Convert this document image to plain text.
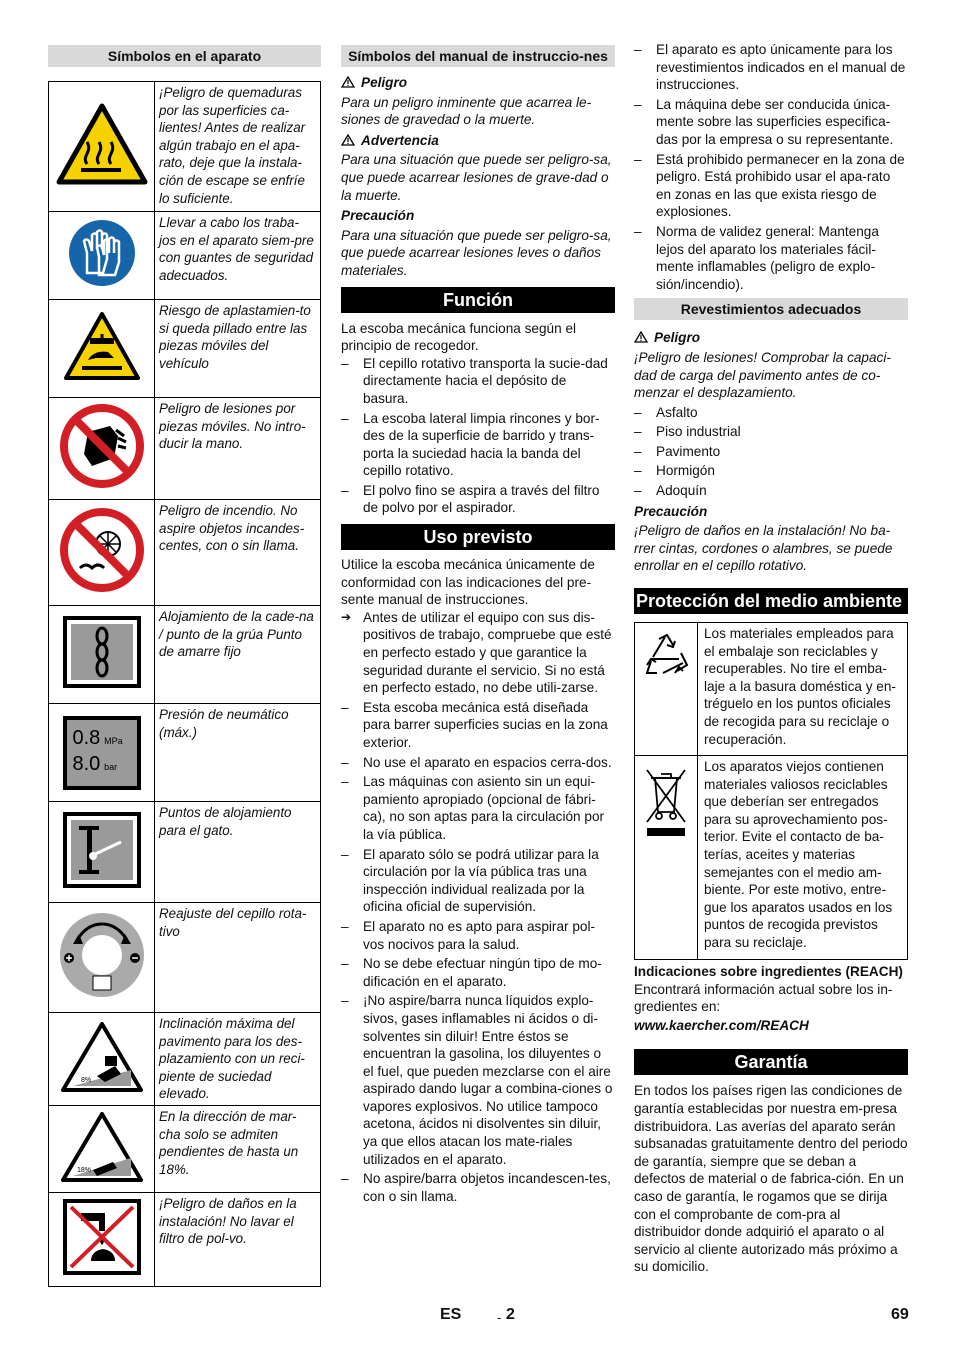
Símbolos en el aparato
	¡Peligro de quemaduras por las superficies ca-lientes! Antes de realizar algún trabajo en el apa-rato, deje que la instala-ción de escape se enfríe lo suficiente.
	Llevar a cabo los traba-jos en el aparato siem-pre con guantes de seguridad adecuados.
	Riesgo de aplastamien-to si queda pillado entre las piezas móviles del vehículo
	Peligro de lesiones por piezas móviles. No intro-ducir la mano.
	Peligro de incendio. No aspire objetos incandes-centes, con o sin llama.
	Alojamiento de la cade-na / punto de la grúa Punto de amarre fijo

0.8 MPa
8.0 bar	Presión de neumático (máx.)
	Puntos de alojamiento para el gato.
	Reajuste del cepillo rota-tivo

8%	Inclinación máxima del pavimento para los des-plazamiento con un reci-piente de suciedad elevado.

18%	En la dirección de mar-cha solo se admiten pendientes de hasta un 18%.
	¡Peligro de daños en la instalación! No lavar el filtro de pol-vo.
Símbolos del manual de instruccio-nes

Peligro

Para un peligro inminente que acarrea le-siones de gravedad o la muerte.

Advertencia

Para una situación que puede ser peligro-sa, que puede acarrear lesiones de grave-dad o la muerte.

Precaución

Para una situación que puede ser peligro-sa, que puede acarrear lesiones leves o daños materiales.

Función

La escoba mecánica funciona según el principio de recogedor.

– El cepillo rotativo transporta la sucie-dad directamente hacia el depósito de basura.
– La escoba lateral limpia rincones y bor-des de la superficie de barrido y trans-porta la suciedad hacia la banda del cepillo rotativo.
– El polvo fino se aspira a través del filtro de polvo por el aspirador.
Uso previsto

Utilice la escoba mecánica únicamente de conformidad con las indicaciones del pre-sente manual de instrucciones.

➔ Antes de utilizar el equipo con sus dis-positivos de trabajo, compruebe que esté en perfecto estado y que garantice la seguridad durante el servicio. Si no está en perfecto estado, no debe utili-zarse.

– Esta escoba mecánica está diseñada para barrer superficies sucias en la zona exterior.
– No use el aparato en espacios cerra-dos.
– Las máquinas con asiento sin un equi-pamiento apropiado (opcional de fábri-ca), no son aptas para la circulación por la vía pública.
– El aparato sólo se podrá utilizar para la circulación por la vía pública tras una inspección individual realizada por la oficina oficial de supervisión.
– El aparato no es apto para aspirar pol-vos nocivos para la salud.
– No se debe efectuar ningún tipo de mo-dificación en el aparato.
– ¡No aspire/barra nunca líquidos explo-sivos, gases inflamables ni ácidos o di-solventes sin diluir! Entre éstos se encuentran la gasolina, los diluyentes o el fuel, que pueden mezclarse con el aire aspirado dando lugar a combina-ciones o vapores explosivos. No utilice tampoco acetona, ácidos ni disolventes sin diluir, ya que ellos atacan los mate-riales utilizados en el aparato.
– No aspire/barra objetos incandescen-tes, con o sin llama.
– El aparato es apto únicamente para los revestimientos indicados en el manual de instrucciones.
– La máquina debe ser conducida única-mente sobre las superficies especifica-das por la empresa o su representante.
– Está prohibido permanecer en la zona de peligro. Está prohibido usar el apa-rato en zonas en las que exista riesgo de explosiones.
– Norma de validez general: Mantenga lejos del aparato los materiales fácil-mente inflamables (peligro de explo-sión/incendio).
Revestimientos adecuados

Peligro

¡Peligro de lesiones! Comprobar la capaci-dad de carga del pavimento antes de co-menzar el desplazamiento.

– Asfalto
– Piso industrial
– Pavimento
– Hormigón
– Adoquín

Precaución

¡Peligro de daños en la instalación! No ba-rrer cintas, cordones o alambres, se puede enrollar en el cepillo rotativo.

Protección del medio ambiente
	Los materiales empleados para el embalaje son reciclables y recuperables. No tire el emba-laje a la basura doméstica y en-tréguelo en los puntos oficiales de recogida para su reciclaje o recuperación.
	Los aparatos viejos contienen materiales valiosos reciclables que deberían ser entregados para su aprovechamiento pos-terior. Evite el contacto de ba-terías, aceites y materias semejantes con el medio am-biente. Por este motivo, entre-gue los aparatos usados en los puntos de recogida previstos para su reciclaje.

Indicaciones sobre ingredientes (REACH)

Encontrará información actual sobre los in-gredientes en:

www.kaercher.com/REACH

Garantía

En todos los países rigen las condiciones de garantía establecidas por nuestra em-presa distribuidora. Las averías del aparato serán subsanadas gratuitamente dentro del periodo de garantía, siempre que se deban a defectos de material o de fabrica-ción. En un caso de garantía, le rogamos que se dirija con el comprobante de com-pra al distribuidor donde adquirió el aparato o al servicio al cliente autorizado más próximo a su domicilio.

ES	- 2	69
